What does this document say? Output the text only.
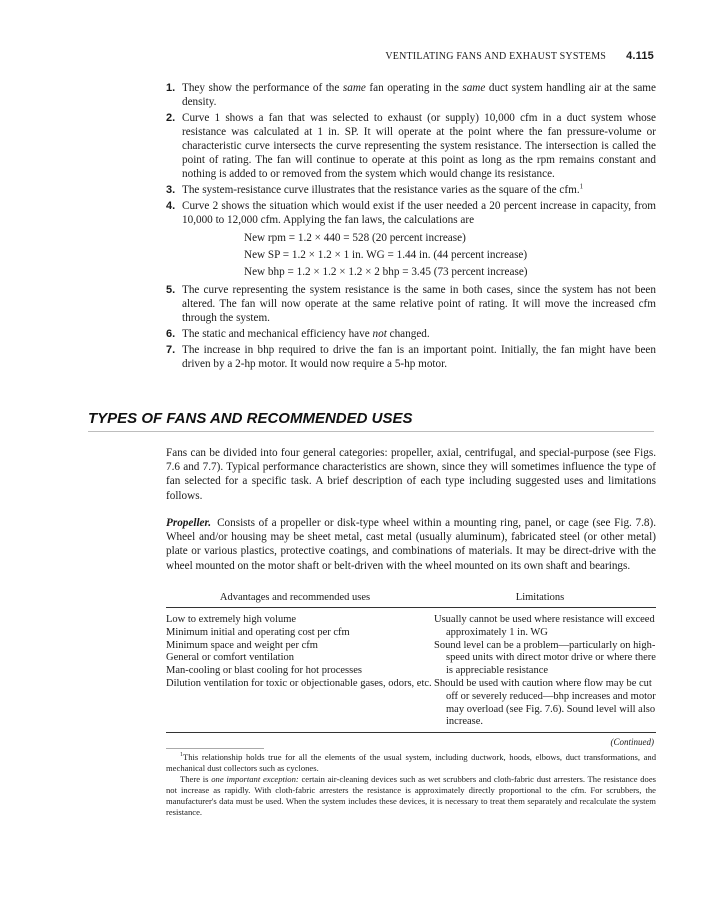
VENTILATING FANS AND EXHAUST SYSTEMS 4.115
1. They show the performance of the same fan operating in the same duct system handling air at the same density.
2. Curve 1 shows a fan that was selected to exhaust (or supply) 10,000 cfm in a duct system whose resistance was calculated at 1 in. SP. It will operate at the point where the fan pressure-volume or characteristic curve intersects the curve representing the system resistance. The intersection is called the point of rating. The fan will continue to operate at this point as long as the rpm remains constant and nothing is added to or removed from the system which would change its resistance.
3. The system-resistance curve illustrates that the resistance varies as the square of the cfm.$^1$
4. Curve 2 shows the situation which would exist if the user needed a 20 percent increase in capacity, from 10,000 to 12,000 cfm. Applying the fan laws, the calculations are
New rpm = 1.2 × 440 = 528 (20 percent increase)
New SP = 1.2 × 1.2 × 1 in. WG = 1.44 in. (44 percent increase)
New bhp = 1.2 × 1.2 × 1.2 × 2 bhp = 3.45 (73 percent increase)
5. The curve representing the system resistance is the same in both cases, since the system has not been altered. The fan will now operate at the same relative point of rating. It will move the increased cfm through the system.
6. The static and mechanical efficiency have not changed.
7. The increase in bhp required to drive the fan is an important point. Initially, the fan might have been driven by a 2-hp motor. It would now require a 5-hp motor.
TYPES OF FANS AND RECOMMENDED USES
Fans can be divided into four general categories: propeller, axial, centrifugal, and special-purpose (see Figs. 7.6 and 7.7). Typical performance characteristics are shown, since they will sometimes influence the type of fan selected for a specific task. A brief description of each type including suggested uses and limitations follows.
Propeller. Consists of a propeller or disk-type wheel within a mounting ring, panel, or cage (see Fig. 7.8). Wheel and/or housing may be sheet metal, cast metal (usually aluminum), fabricated steel (or other metal) plate or various plastics, protective coatings, and combinations of materials. It may be direct-drive with the wheel mounted on the motor shaft or belt-driven with the wheel mounted on its own shaft and bearings.
Advantages and recommended uses	Limitations
Low to extremely high volume
Minimum initial and operating cost per cfm
Minimum space and weight per cfm
General or comfort ventilation
Man-cooling or blast cooling for hot processes
Dilution ventilation for toxic or objectionable gases, odors, etc.
Usually cannot be used where resistance will exceed approximately 1 in. WG
Sound level can be a problem—particularly on high-speed units with direct motor drive or where there is appreciable resistance
Should be used with caution where flow may be cut off or severely reduced—bhp increases and motor may overload (see Fig. 7.6). Sound level will also increase.
(Continued)

$^1$This relationship holds true for all the elements of the usual system, including ductwork, hoods, elbows, duct transformations, and mechanical dust collectors such as cyclones.

There is one important exception: certain air-cleaning devices such as wet scrubbers and cloth-fabric dust arresters. The resistance does not increase as rapidly. With cloth-fabric arresters the resistance is approximately directly proportional to the cfm. For scrubbers, the manufacturer's data must be used. When the system includes these devices, it is necessary to treat them separately and recalculate the system resistance.
